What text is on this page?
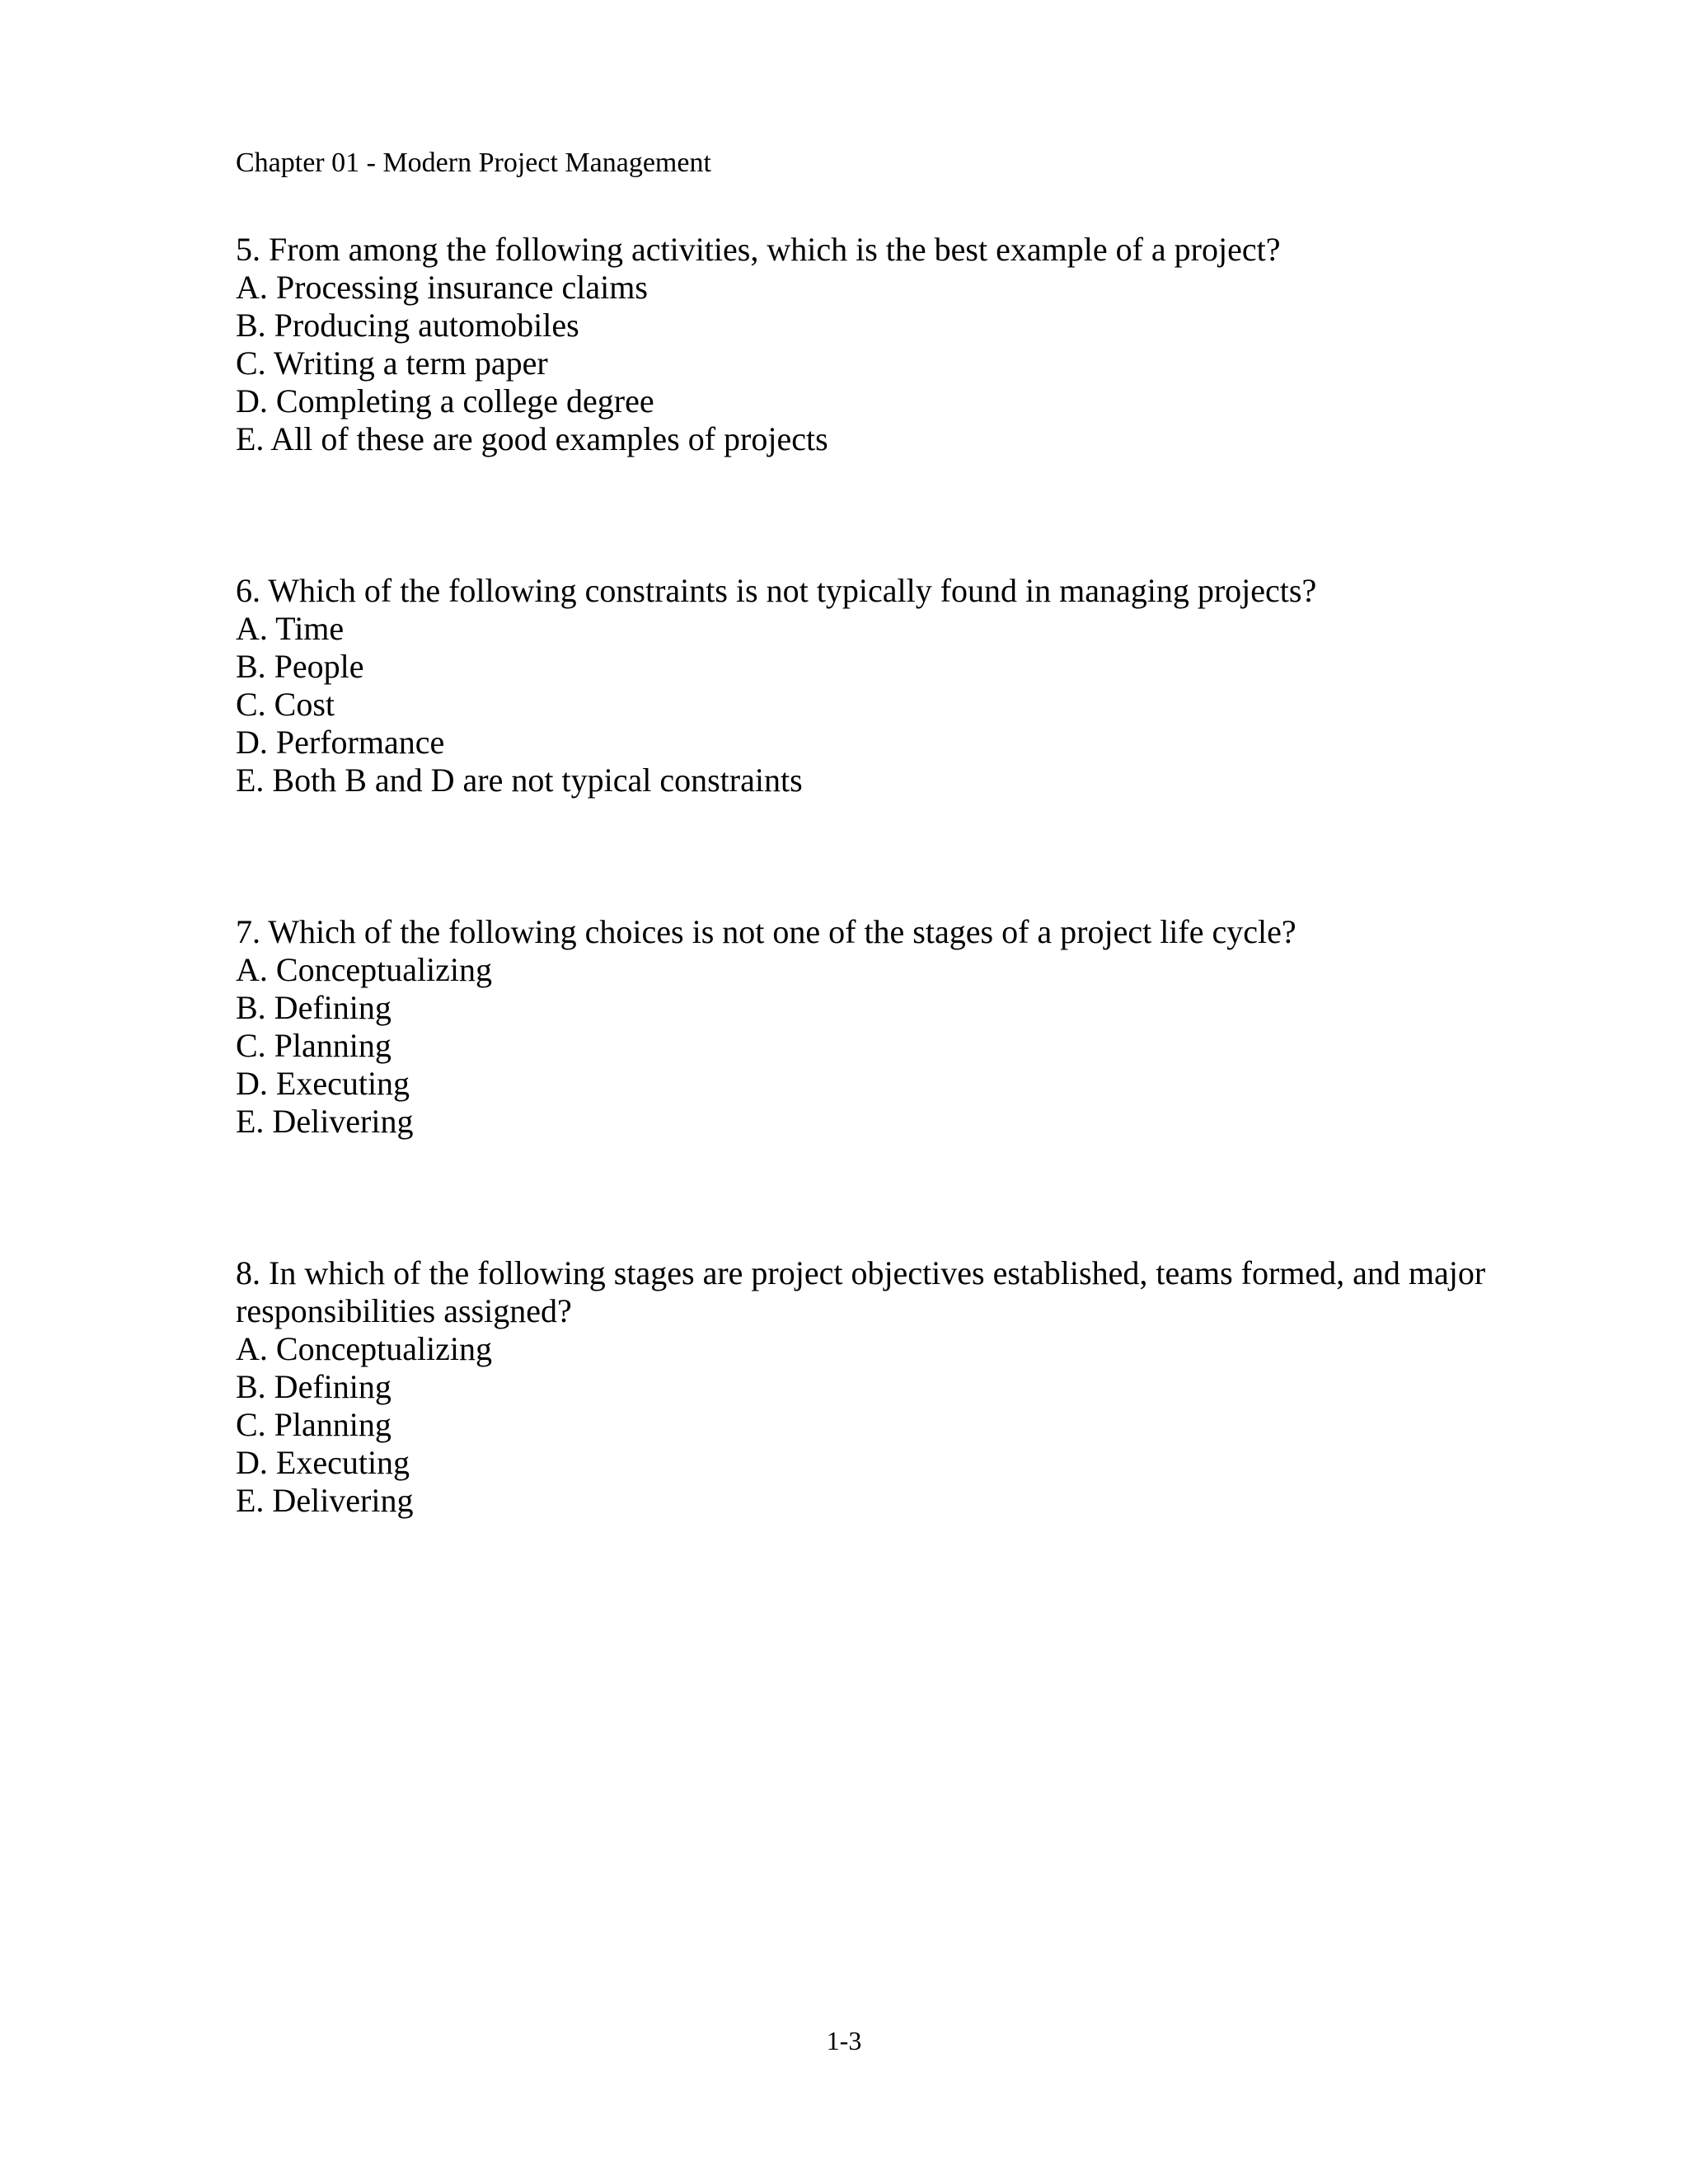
Chapter 01 - Modern Project Management
5. From among the following activities, which is the best example of a project?
A. Processing insurance claims
B. Producing automobiles
C. Writing a term paper
D. Completing a college degree
E. All of these are good examples of projects
6. Which of the following constraints is not typically found in managing projects?
A. Time
B. People
C. Cost
D. Performance
E. Both B and D are not typical constraints
7. Which of the following choices is not one of the stages of a project life cycle?
A. Conceptualizing
B. Defining
C. Planning
D. Executing
E. Delivering
8. In which of the following stages are project objectives established, teams formed, and major responsibilities assigned?
A. Conceptualizing
B. Defining
C. Planning
D. Executing
E. Delivering
1-3
